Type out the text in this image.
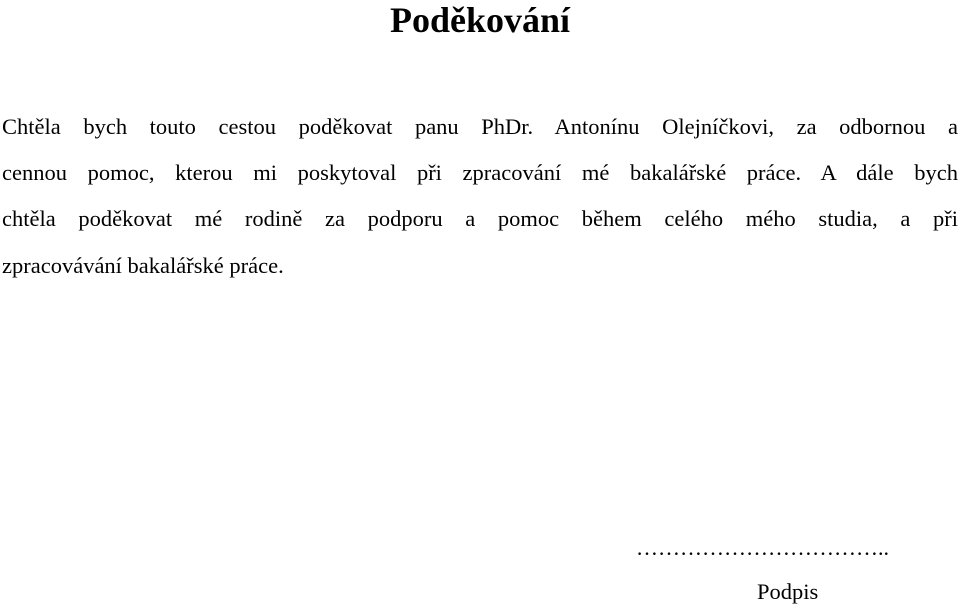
Poděkování
Chtěla bych touto cestou poděkovat panu PhDr. Antonínu Olejníčkovi, za odbornou a
cennou pomoc, kterou mi poskytoval při zpracování mé bakalářské práce. A dále bych
chtěla poděkovat mé rodině za podporu a pomoc během celého mého studia, a při
zpracovávání bakalářské práce.
……………………………..
Podpis
